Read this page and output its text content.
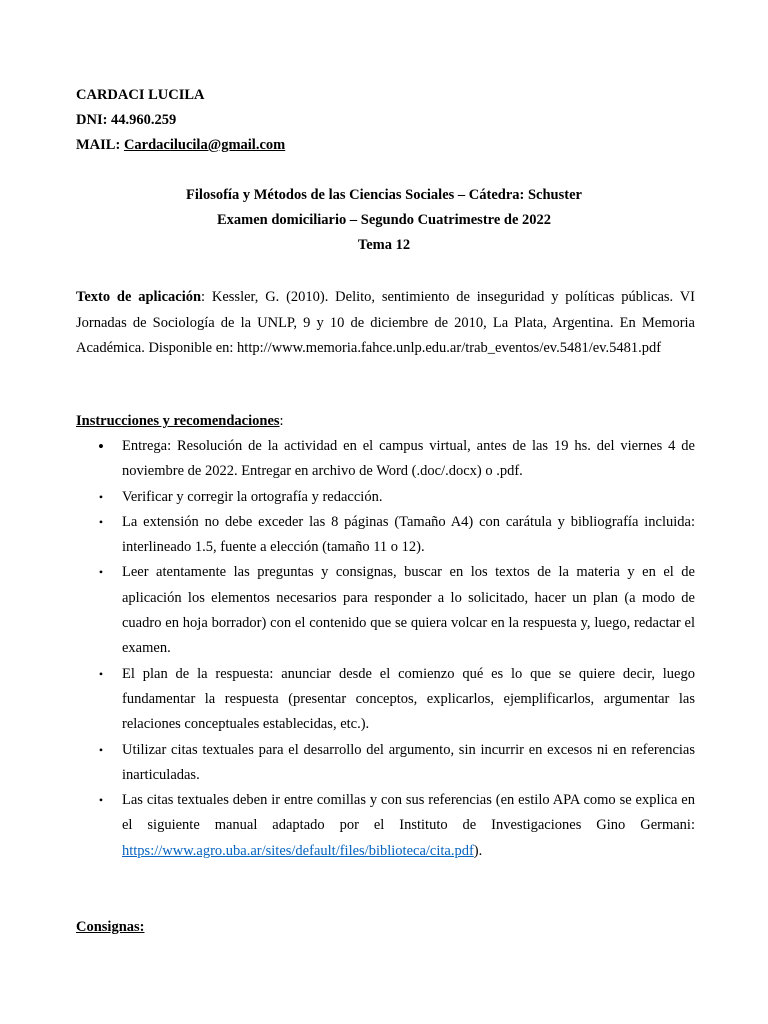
CARDACI LUCILA
DNI: 44.960.259
MAIL: Cardacilucila@gmail.com
Filosofía y Métodos de las Ciencias Sociales – Cátedra: Schuster
Examen domiciliario – Segundo Cuatrimestre de 2022
Tema 12

Texto de aplicación: Kessler, G. (2010). Delito, sentimiento de inseguridad y políticas públicas. VI Jornadas de Sociología de la UNLP, 9 y 10 de diciembre de 2010, La Plata, Argentina. En Memoria Académica. Disponible en: http://www.memoria.fahce.unlp.edu.ar/trab_eventos/ev.5481/ev.5481.pdf

Instrucciones y recomendaciones:
• Entrega: Resolución de la actividad en el campus virtual, antes de las 19 hs. del viernes 4 de noviembre de 2022. Entregar en archivo de Word (.doc/.docx) o .pdf.
• Verificar y corregir la ortografía y redacción.
• La extensión no debe exceder las 8 páginas (Tamaño A4) con carátula y bibliografía incluida: interlineado 1.5, fuente a elección (tamaño 11 o 12).
• Leer atentamente las preguntas y consignas, buscar en los textos de la materia y en el de aplicación los elementos necesarios para responder a lo solicitado, hacer un plan (a modo de cuadro en hoja borrador) con el contenido que se quiera volcar en la respuesta y, luego, redactar el examen.
• El plan de la respuesta: anunciar desde el comienzo qué es lo que se quiere decir, luego fundamentar la respuesta (presentar conceptos, explicarlos, ejemplificarlos, argumentar las relaciones conceptuales establecidas, etc.).
• Utilizar citas textuales para el desarrollo del argumento, sin incurrir en excesos ni en referencias inarticuladas.
• Las citas textuales deben ir entre comillas y con sus referencias (en estilo APA como se explica en el siguiente manual adaptado por el Instituto de Investigaciones Gino Germani: https://www.agro.uba.ar/sites/default/files/biblioteca/cita.pdf).
Consignas:
